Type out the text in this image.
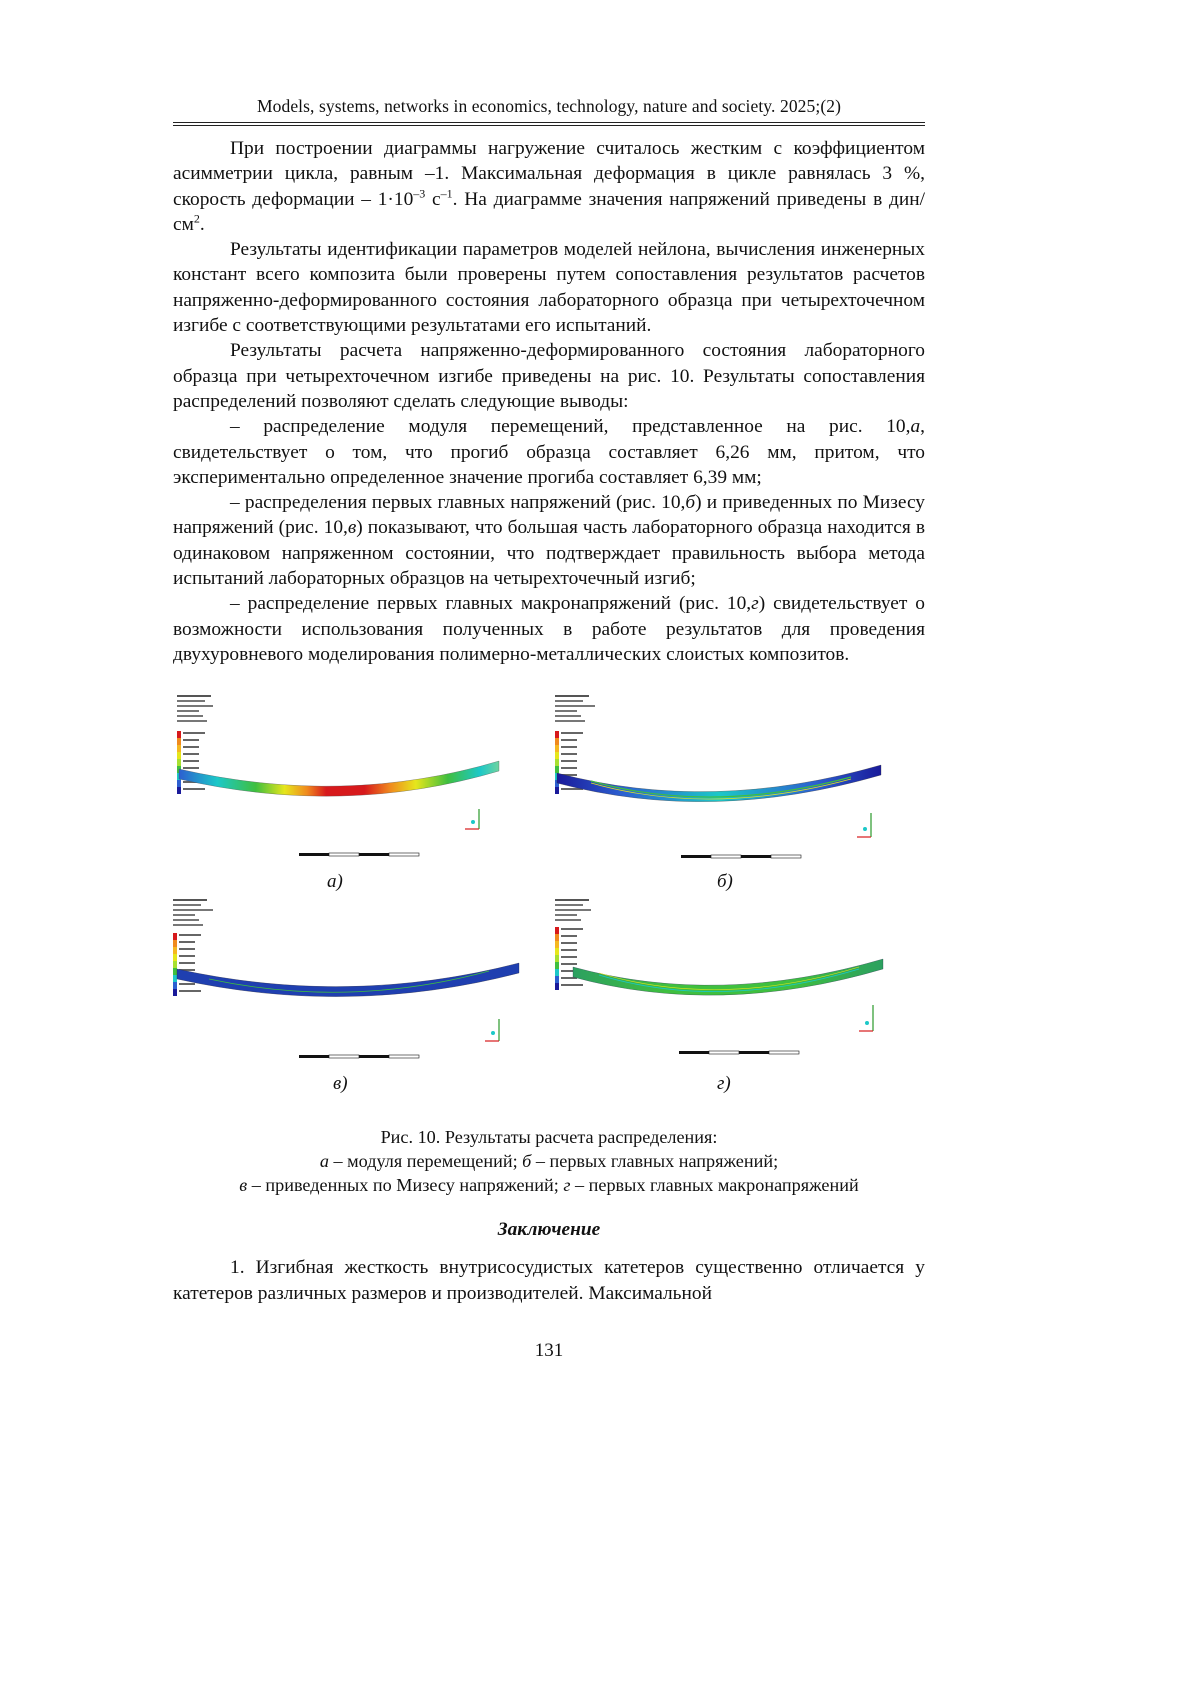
Models, systems, networks in economics, technology, nature and society. 2025;(2)

При построении диаграммы нагружение считалось жестким с коэффициентом асимметрии цикла, равным –1. Максимальная деформация в цикле равнялась 3 %, скорость деформации – $1\cdot 10^{-3}$ $с^{-1}$. На диаграмме значения напряжений приведены в дин/$см^2$.

Результаты идентификации параметров моделей нейлона, вычисления инженерных констант всего композита были проверены путем сопоставления результатов расчетов напряженно-деформированного состояния лабораторного образца при четырехточечном изгибе с соответствующими результатами его испытаний.

Результаты расчета напряженно-деформированного состояния лабораторного образца при четырехточечном изгибе приведены на рис. 10. Результаты сопоставления распределений позволяют сделать следующие выводы:

– распределение модуля перемещений, представленное на рис. 10,а, свидетельствует о том, что прогиб образца составляет 6,26 мм, притом, что экспериментально определенное значение прогиба составляет 6,39 мм;

– распределения первых главных напряжений (рис. 10,б) и приведенных по Мизесу напряжений (рис. 10,в) показывают, что большая часть лабораторного образца находится в одинаковом напряженном состоянии, что подтверждает правильность выбора метода испытаний лабораторных образцов на четырехточечный изгиб;

– распределение первых главных макронапряжений (рис. 10,г) свидетельствует о возможности использования полученных в работе результатов для проведения двухуровневого моделирования полимерно-металлических слоистых композитов.

а)	б)
в)	г)
Рис. 10. Результаты расчета распределения:
а – модуля перемещений; б – первых главных напряжений;
в – приведенных по Мизесу напряжений; г – первых главных макронапряжений
Заключение

1. Изгибная жесткость внутрисосудистых катетеров существенно отличается у катетеров различных размеров и производителей. Максимальной

131
